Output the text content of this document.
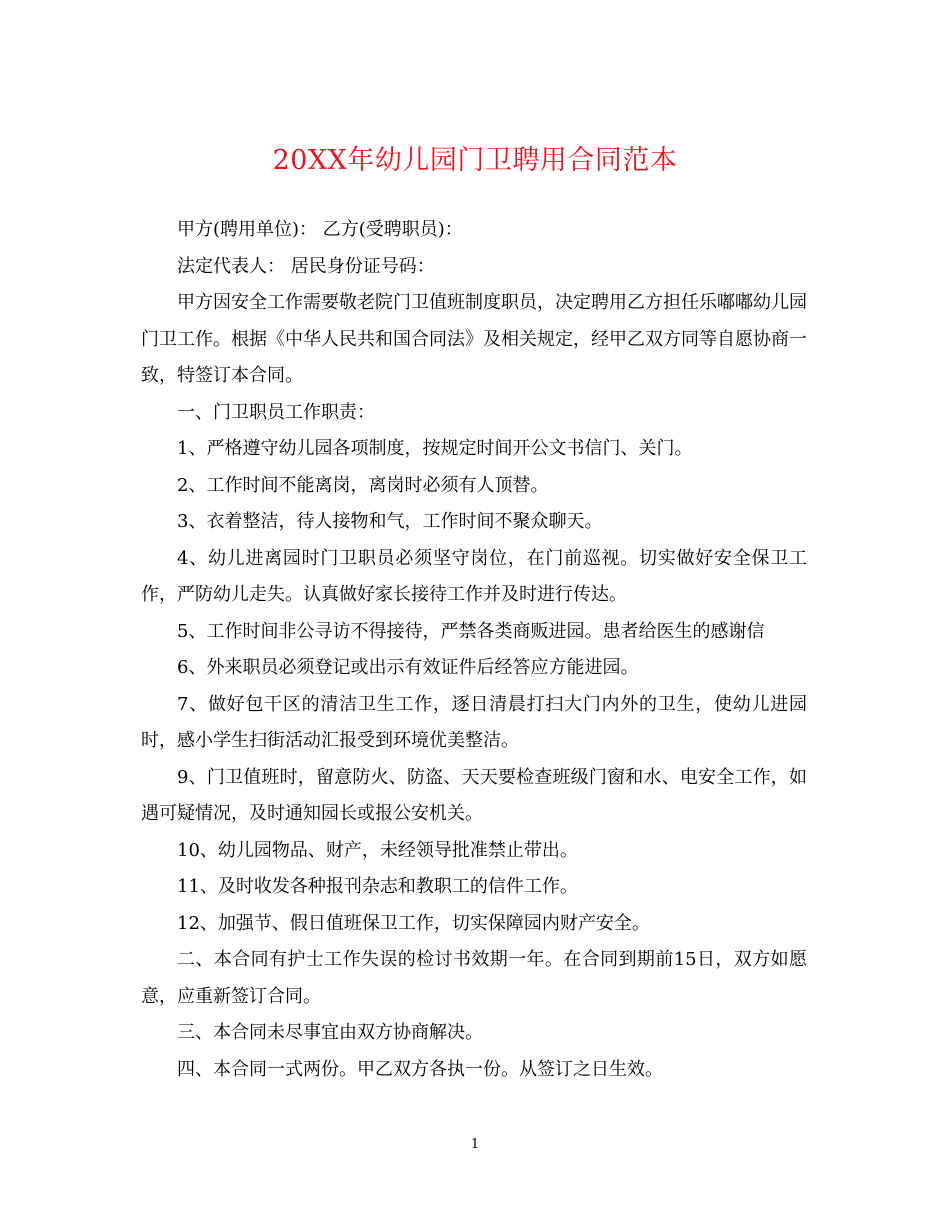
20XX年幼儿园门卫聘用合同范本

甲方(聘用单位)： 乙方(受聘职员)：

法定代表人： 居民身份证号码：

甲方因安全工作需要敬老院门卫值班制度职员，决定聘用乙方担任乐嘟嘟幼儿园门卫工作。根据《中华人民共和国合同法》及相关规定，经甲乙双方同等自愿协商一致，特签订本合同。

一、门卫职员工作职责：

1、严格遵守幼儿园各项制度，按规定时间开公文书信门、关门。

2、工作时间不能离岗，离岗时必须有人顶替。

3、衣着整洁，待人接物和气，工作时间不聚众聊天。

4、幼儿进离园时门卫职员必须坚守岗位，在门前巡视。切实做好安全保卫工作，严防幼儿走失。认真做好家长接待工作并及时进行传达。

5、工作时间非公寻访不得接待，严禁各类商贩进园。患者给医生的感谢信

6、外来职员必须登记或出示有效证件后经答应方能进园。

7、做好包干区的清洁卫生工作，逐日清晨打扫大门内外的卫生，使幼儿进园时，感小学生扫街活动汇报受到环境优美整洁。

9、门卫值班时，留意防火、防盗、天天要检查班级门窗和水、电安全工作，如遇可疑情况，及时通知园长或报公安机关。

10、幼儿园物品、财产，未经领导批准禁止带出。

11、及时收发各种报刊杂志和教职工的信件工作。

12、加强节、假日值班保卫工作，切实保障园内财产安全。

二、本合同有护士工作失误的检讨书效期一年。在合同到期前15日，双方如愿意，应重新签订合同。

三、本合同未尽事宜由双方协商解决。

四、本合同一式两份。甲乙双方各执一份。从签订之日生效。

1
